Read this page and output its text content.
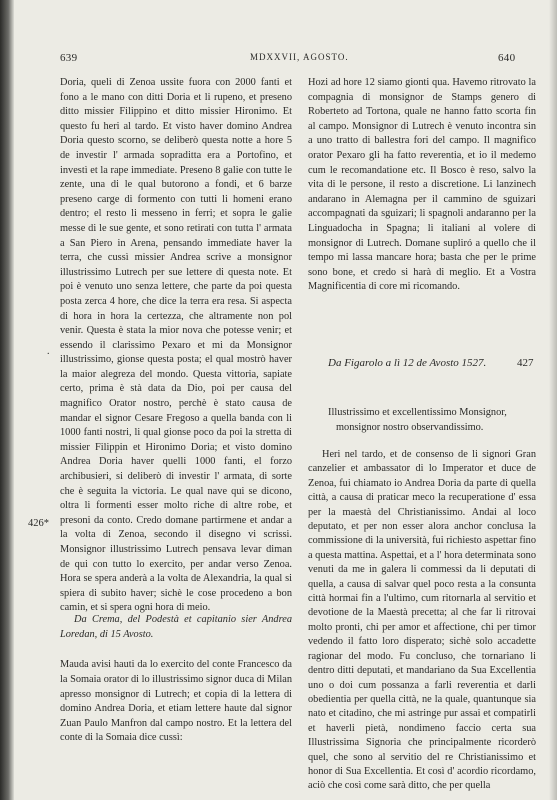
639	MDXXVII, AGOSTO.	640

Doria, queli di Zenoa ussite fuora con 2000 fanti et fono a le mano con ditti Doria et li rupeno, et preseno ditto missier Filippino et ditto missier Hironimo. Et questo fu heri al tardo. Et visto haver domino Andrea Doria questo scorno, se deliberò questa notte a hore 5 de investir l' armada sopraditta era a Portofino, et investì et la rape immediate. Preseno 8 galie con tutte le zente, una di le qual butorono a fondi, et 6 barze preseno carge di formento con tutti li homeni erano dentro; el resto li messeno in ferri; et sopra le galie messe di le sue gente, et sono retirati con tutta l' armata a San Piero in Arena, pensando immediate haver la terra, che cussì missier Andrea scrive a monsignor illustrissimo Lutrech per sue lettere di questa note. Et poi è venuto uno senza lettere, che parte da poi questa posta zerca 4 hore, che dice la terra era resa. Si aspecta di hora in hora la certezza, che altramente non pol venir. Questa è stata la mior nova che potesse venir; et essendo il clarissimo Pexaro et mi da Monsignor illustrissimo, gionse questa posta; el qual mostrò haver la maior alegreza del mondo. Questa vittoria, sapiate certo, prima è stà data da Dio, poi per causa del magnifico Orator nostro, perchè è stato causa de mandar el signor Cesare Fregoso a quella banda con li 1000 fanti nostri, li qual gionse poco da poi la stretta di missier Filippin et Hironimo Doria; et visto domino Andrea Doria haver quelli 1000 fanti, el forzo archibusieri, si deliberò di investir l' armata, di sorte che è seguita la victoria. Le qual nave qui se dicono, oltra li formenti esser molto riche di altre robe, et presoni da conto. Credo domane partirmene et andar a la volta di Zenoa, secondo il disegno vi scrissi. Monsignor illustrissimo Lutrech pensava levar diman de qui con tutto lo exercito, per andar verso Zenoa. Hora se spera anderà a la volta de Alexandria, la qual si spiera di subito haver; sichè le cose procedeno a bon camin, et si spera ogni hora di meio.

.
426*

Da Crema, del Podestà et capitanio sier Andrea Loredan, di 15 Avosto.

Mauda avisi hauti da lo exercito del conte Francesco da la Somaia orator di lo illustrissimo signor duca di Milan apresso monsignor di Lutrech; et copia di la lettera di domino Andrea Doria, et etiam lettere haute dal signor Zuan Paulo Manfron dal campo nostro. Et la lettera del conte di la Somaia dice cussì:

Hozi ad hore 12 siamo gionti qua. Havemo ritrovato la compagnia di monsignor de Stamps genero di Roberteto ad Tortona, quale ne hanno fatto scorta fin al campo. Monsignor di Lutrech è venuto incontra sin a uno tratto di ballestra fori del campo. Il magnifico orator Pexaro gli ha fatto reverentia, et io il medemo cum le recomandatione etc. Il Bosco è reso, salvo la vita di le persone, il resto a discretione. Li lanzinech andarano in Alemagna per il cammino de sguizari accompagnati da sguizari; li spagnoli andaranno per la Linguadocha in Spagna; li italiani al volere di monsignor di Lutrech. Domane supliró a quello che il tempo mi lassa mancare hora; basta che per le prime sono bone, et credo si harà di meglio. Et a Vostra Magnificentia di core mi ricomando.

Da Figarolo a lì 12 de Avosto 1527.	427
Illustrissimo et excellentissimo Monsignor,
monsignor nostro observandissimo.

Heri nel tardo, et de consenso de li signori Gran canzelier et ambassator di lo Imperator et duce de Zenoa, fui chiamato io Andrea Doria da parte di quella città, a causa di praticar meco la recuperatione d' essa per la maestà del Christianissimo. Andai al loco deputato, et per non esser alora anchor conclusa la commissione di la università, fui richiesto aspettar fino a questa mattina. Aspettai, et a l' hora determinata sono venuti da me in galera li commessi da li deputati di quella, a causa di salvar quel poco resta a la consunta città hormai fin a l'ultimo, cum ritornarla al servitio et devotione de la Maestà precetta; al che far li ritrovai molto pronti, chi per amor et affectione, chi per timor vedendo il fatto loro disperato; sichè solo accadette ragionar del modo. Fu concluso, che tornariano li dentro ditti deputati, et mandariano da Sua Excellentia uno o doi cum possanza a farli reverentia et darli obedientia per quella città, ne la quale, quantunque sia nato et citadino, che mi astringe pur assai et compatirli et haverli pietà, nondimeno faccio certa sua Illustrissima Signoria che principalmente ricorderò quel, che sono al servitio del re Christianissimo et honor di Sua Excellentia. Et così d' acordio ricordamo, aciò che così come sarà ditto, che per quella
